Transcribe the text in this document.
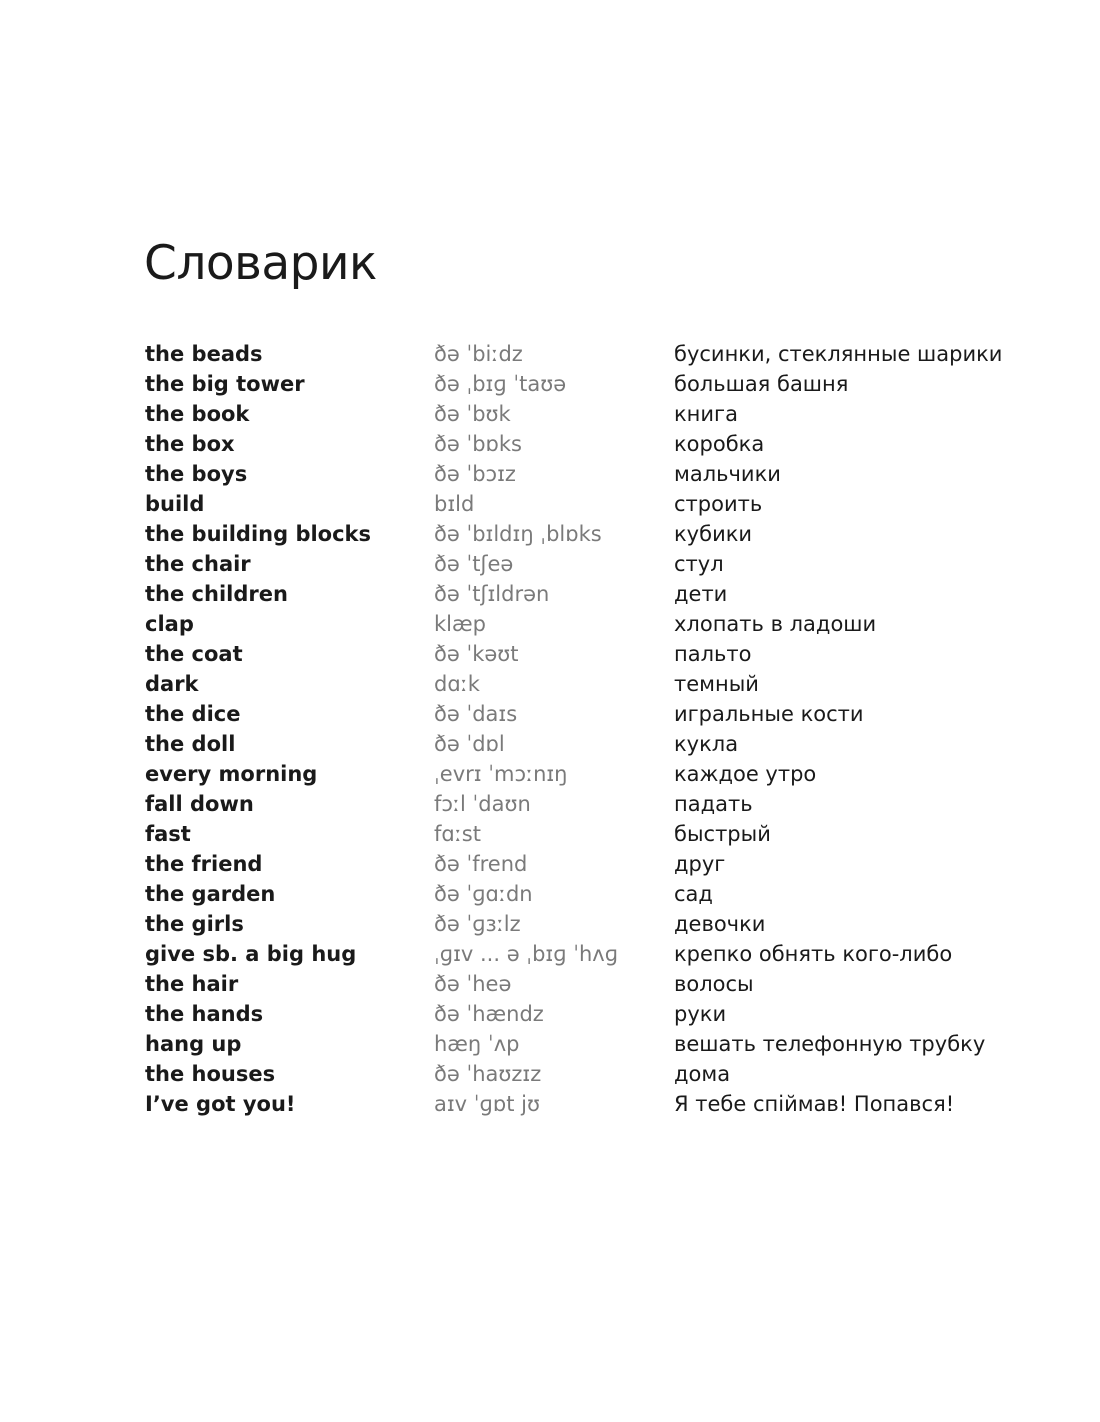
Словарик
the beads	ðə ˈbiːdz	бусинки, стеклянные шарики
the big tower	ðə ˌbɪɡ ˈtaʊə	большая башня
the book	ðə ˈbʊk	книга
the box	ðə ˈbɒks	коробка
the boys	ðə ˈbɔɪz	мальчики
build	bɪld	строить
the building blocks	ðə ˈbɪldɪŋ ˌblɒks	кубики
the chair	ðə ˈtʃeə	стул
the children	ðə ˈtʃɪldrən	дети
clap	klæp	хлопать в ладоши
the coat	ðə ˈkəʊt	пальто
dark	dɑːk	темный
the dice	ðə ˈdaɪs	игральные кости
the doll	ðə ˈdɒl	кукла
every morning	ˌevrɪ ˈmɔːnɪŋ	каждое утро
fall down	fɔːl ˈdaʊn	падать
fast	fɑːst	быстрый
the friend	ðə ˈfrend	друг
the garden	ðə ˈɡɑːdn	сад
the girls	ðə ˈɡɜːlz	девочки
give sb. a big hug	ˌɡɪv ... ə ˌbɪɡ ˈhʌɡ	крепко обнять кого-либо
the hair	ðə ˈheə	волосы
the hands	ðə ˈhændz	руки
hang up	hæŋ ˈʌp	вешать телефонную трубку
the houses	ðə ˈhaʊzɪz	дома
I’ve got you!	aɪv ˈɡɒt jʊ	Я тебе спіймав! Попався!
